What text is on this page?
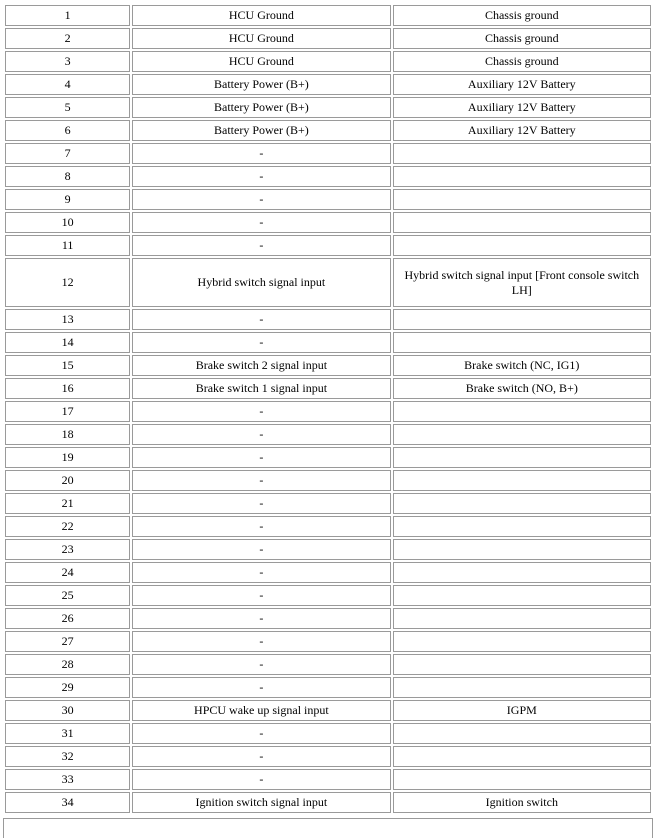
1	HCU Ground	Chassis ground
2	HCU Ground	Chassis ground
3	HCU Ground	Chassis ground
4	Battery Power (B+)	Auxiliary 12V Battery
5	Battery Power (B+)	Auxiliary 12V Battery
6	Battery Power (B+)	Auxiliary 12V Battery
7	-	
8	-	
9	-	
10	-	
11	-	
12	Hybrid switch signal input	Hybrid switch signal input [Front console switch LH]
13	-	
14	-	
15	Brake switch 2 signal input	Brake switch (NC, IG1)
16	Brake switch 1 signal input	Brake switch (NO, B+)
17	-	
18	-	
19	-	
20	-	
21	-	
22	-	
23	-	
24	-	
25	-	
26	-	
27	-	
28	-	
29	-	
30	HPCU wake up signal input	IGPM
31	-	
32	-	
33	-	
34	Ignition switch signal input	Ignition switch
